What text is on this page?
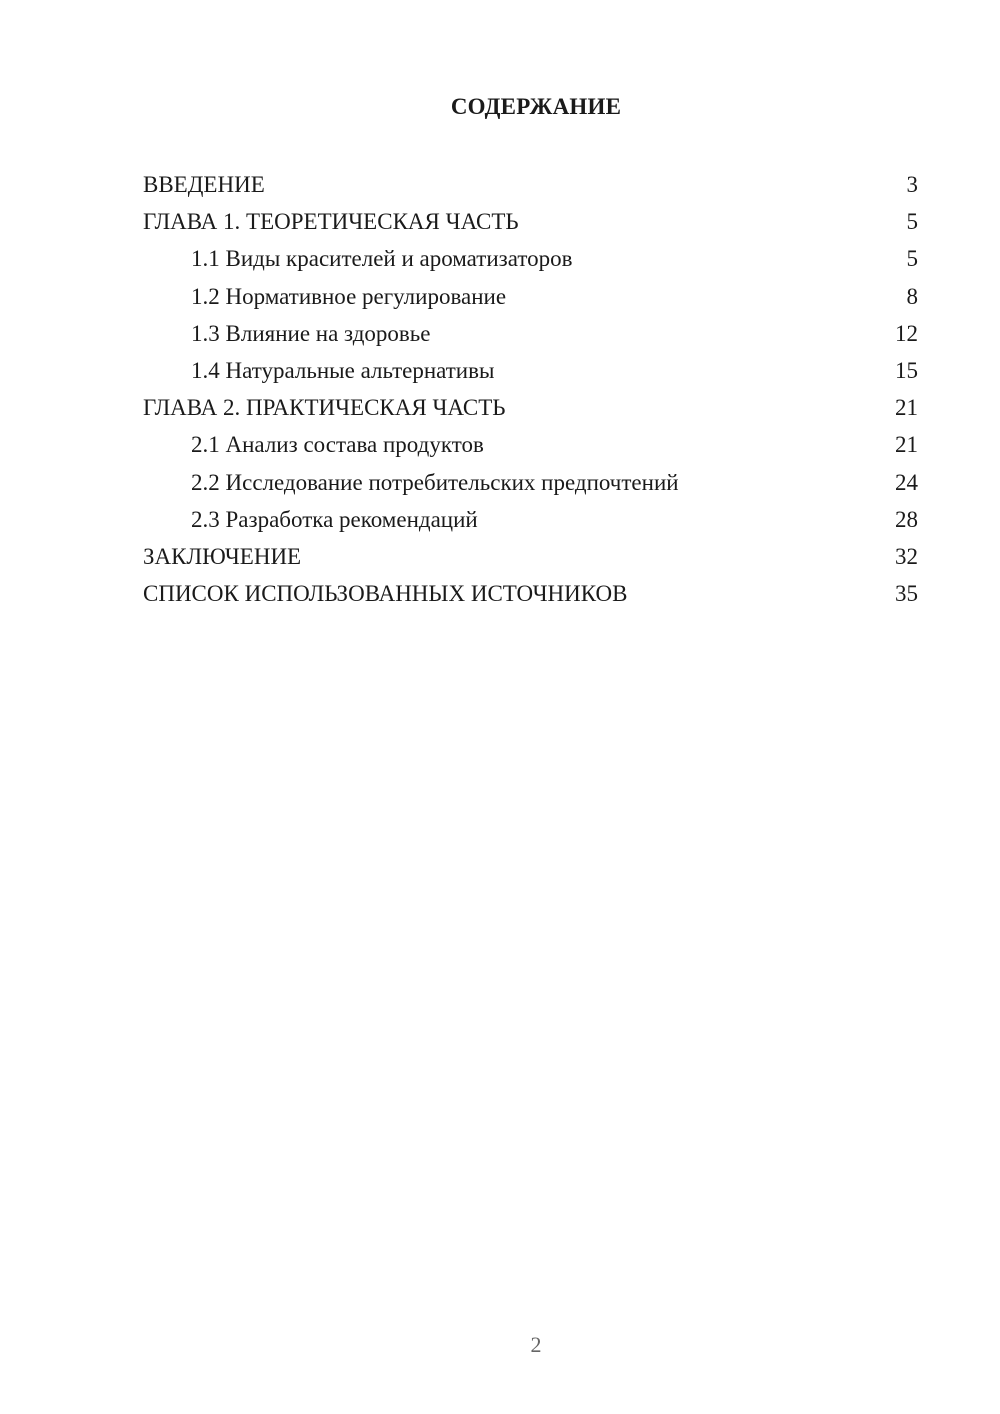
СОДЕРЖАНИЕ
ВВЕДЕНИЕ	3
ГЛАВА 1. ТЕОРЕТИЧЕСКАЯ ЧАСТЬ	5
1.1 Виды красителей и ароматизаторов	5
1.2 Нормативное регулирование	8
1.3 Влияние на здоровье	12
1.4 Натуральные альтернативы	15
ГЛАВА 2. ПРАКТИЧЕСКАЯ ЧАСТЬ	21
2.1 Анализ состава продуктов	21
2.2 Исследование потребительских предпочтений	24
2.3 Разработка рекомендаций	28
ЗАКЛЮЧЕНИЕ	32
СПИСОК ИСПОЛЬЗОВАННЫХ ИСТОЧНИКОВ	35
2
